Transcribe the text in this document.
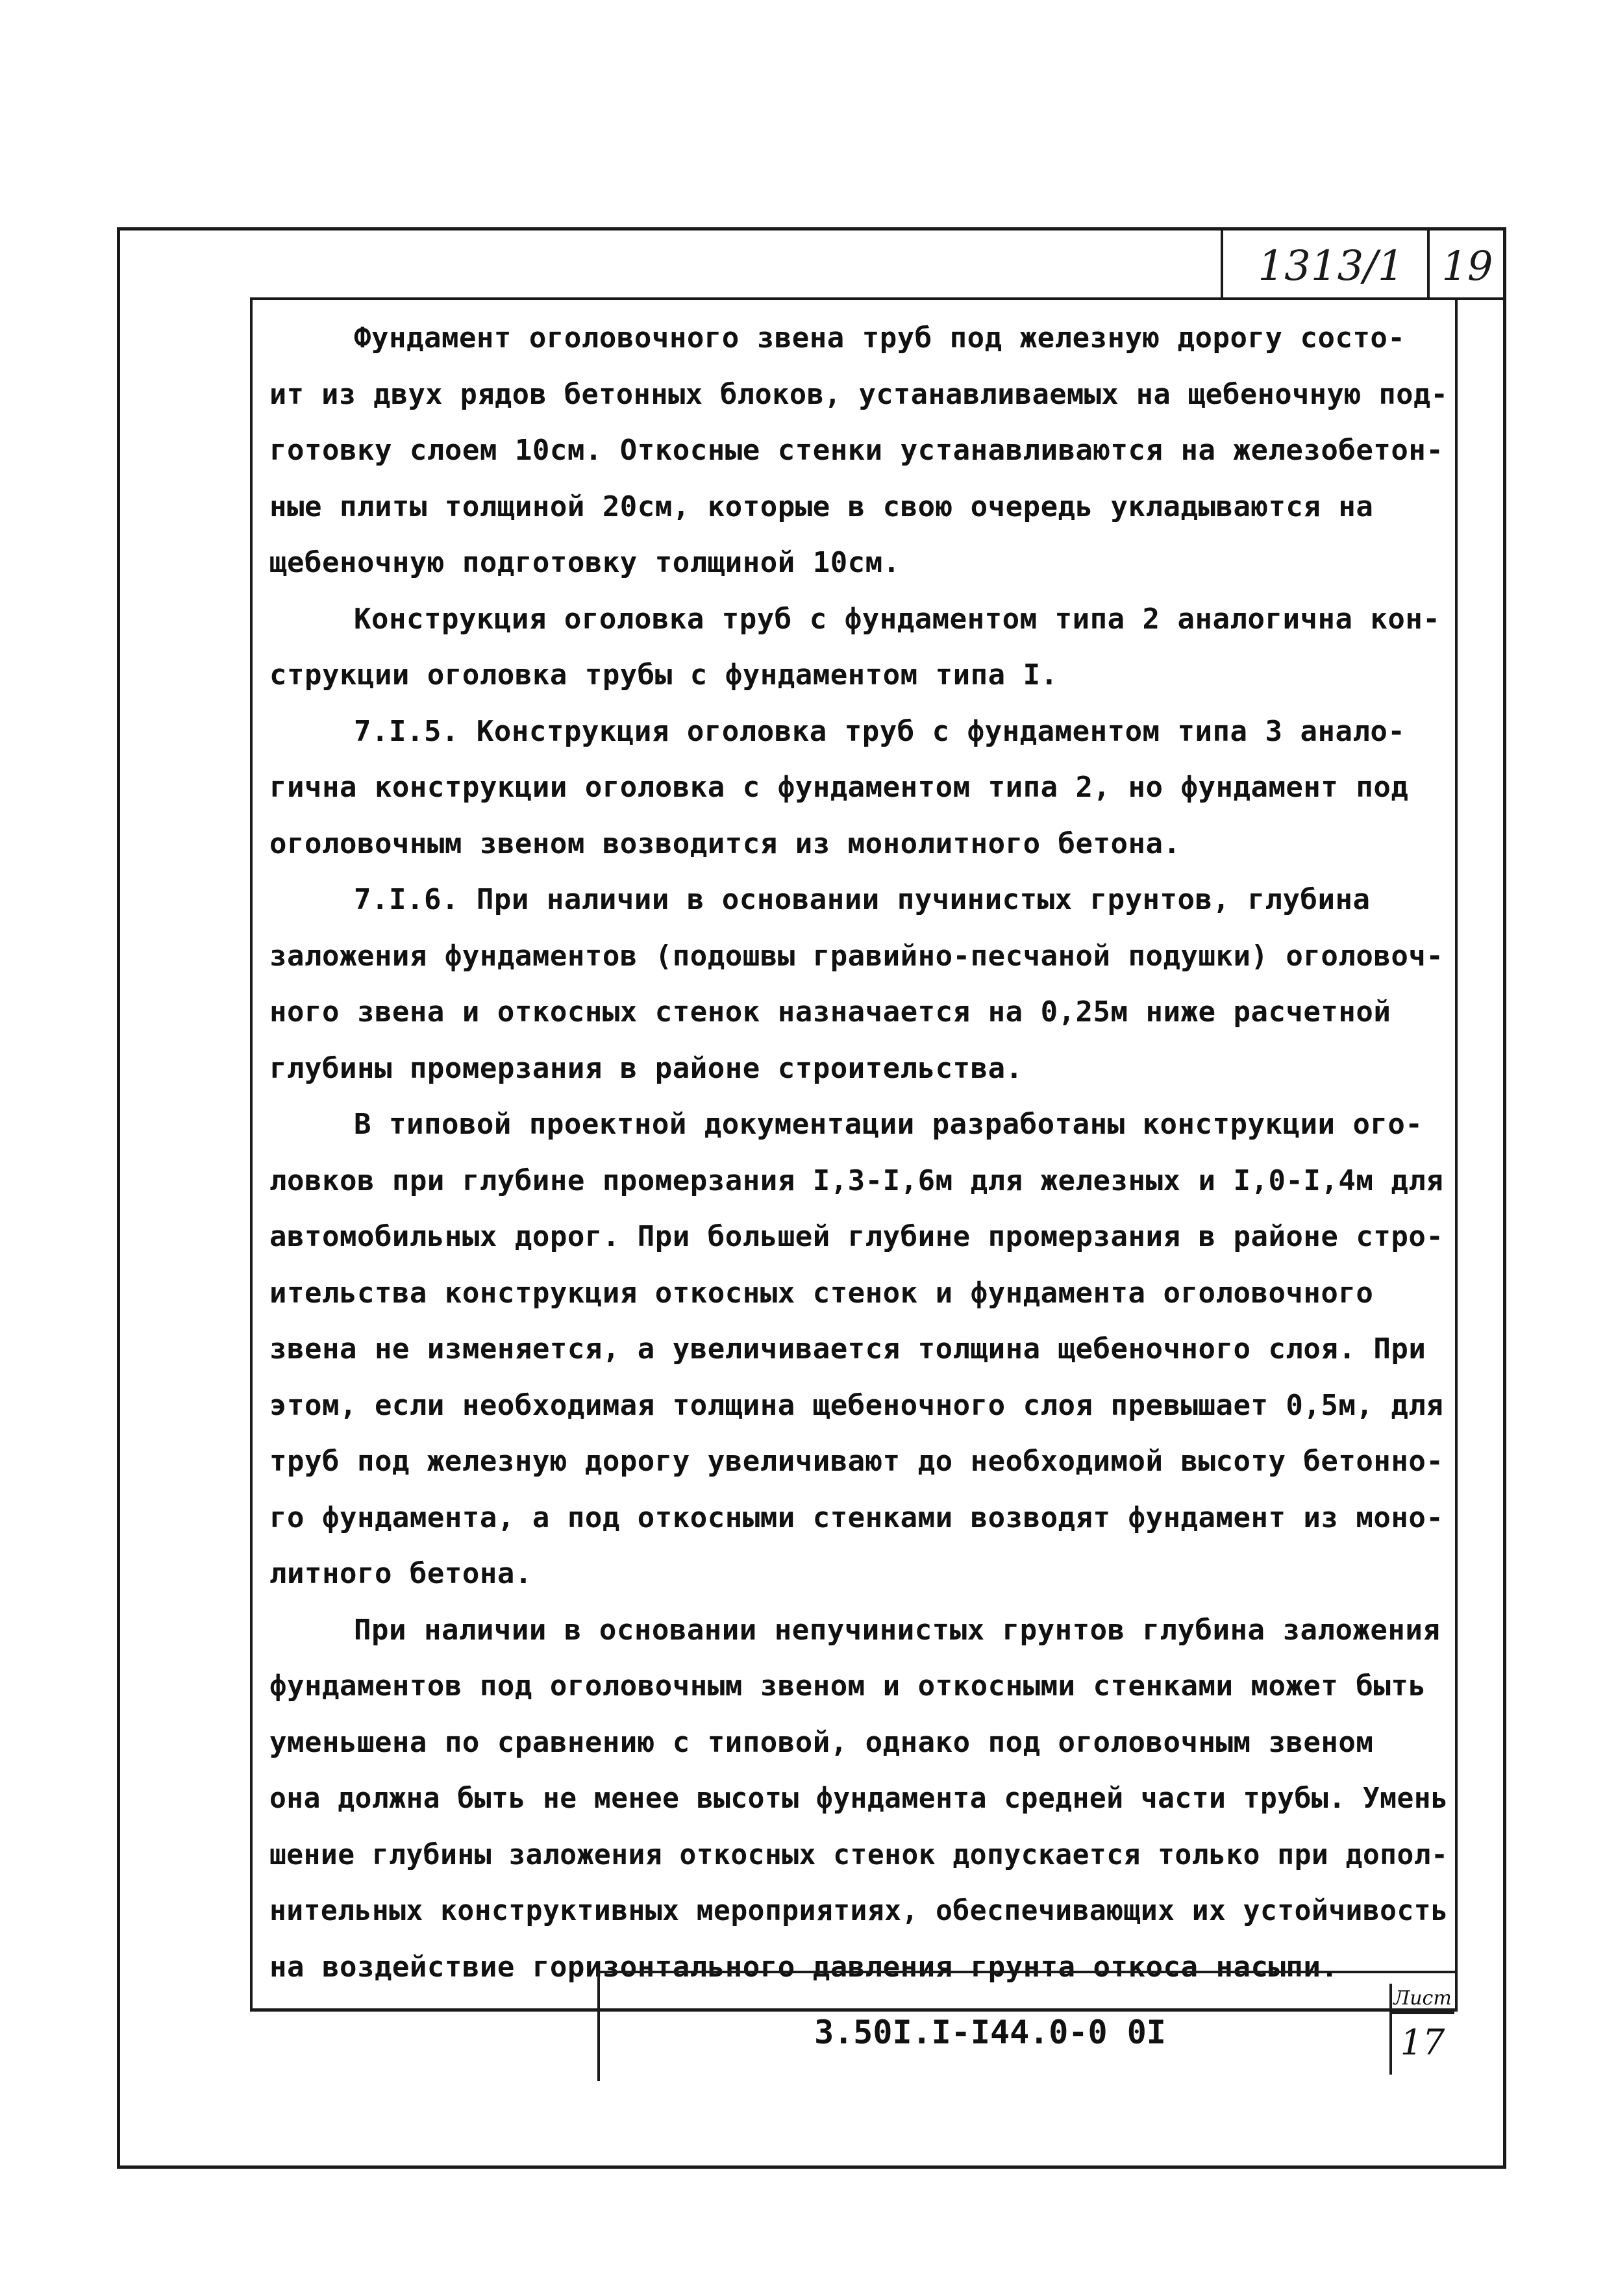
1313/1 19

Фундамент оголовочного звена труб под железную дорогу состо-
ит из двух рядов бетонных блоков, устанавливаемых на щебеночную под-
готовку слоем 10см. Откосные стенки устанавливаются на железобетон-
ные плиты толщиной 20см, которые в свою очередь укладываются на
щебеночную подготовку толщиной 10см.

Конструкция оголовка труб с фундаментом типа 2 аналогична кон-
струкции оголовка трубы с фундаментом типа I.

7.I.5. Конструкция оголовка труб с фундаментом типа 3 анало-
гична конструкции оголовка с фундаментом типа 2, но фундамент под
оголовочным звеном возводится из монолитного бетона.

7.I.6. При наличии в основании пучинистых грунтов, глубина
заложения фундаментов (подошвы гравийно-песчаной подушки) оголовоч-
ного звена и откосных стенок назначается на 0,25м ниже расчетной
глубины промерзания в районе строительства.

В типовой проектной документации разработаны конструкции ого-
ловков при глубине промерзания I,3-I,6м для железных и I,0-I,4м для
автомобильных дорог. При большей глубине промерзания в районе стро-
ительства конструкция откосных стенок и фундамента оголовочного
звена не изменяется, а увеличивается толщина щебеночного слоя. При
этом, если необходимая толщина щебеночного слоя превышает 0,5м, для
труб под железную дорогу увеличивают до необходимой высоту бетонно-
го фундамента, а под откосными стенками возводят фундамент из моно-
литного бетона.

При наличии в основании непучинистых грунтов глубина заложения
фундаментов под оголовочным звеном и откосными стенками может быть
уменьшена по сравнению с типовой, однако под оголовочным звеном
она должна быть не менее высоты фундамента средней части трубы. Умень
шение глубины заложения откосных стенок допускается только при допол-
нительных конструктивных мероприятиях, обеспечивающих их устойчивость
на воздействие горизонтального давления грунта откоса насыпи.

3.50I.I-I44.0-0 0I
Лист
17
